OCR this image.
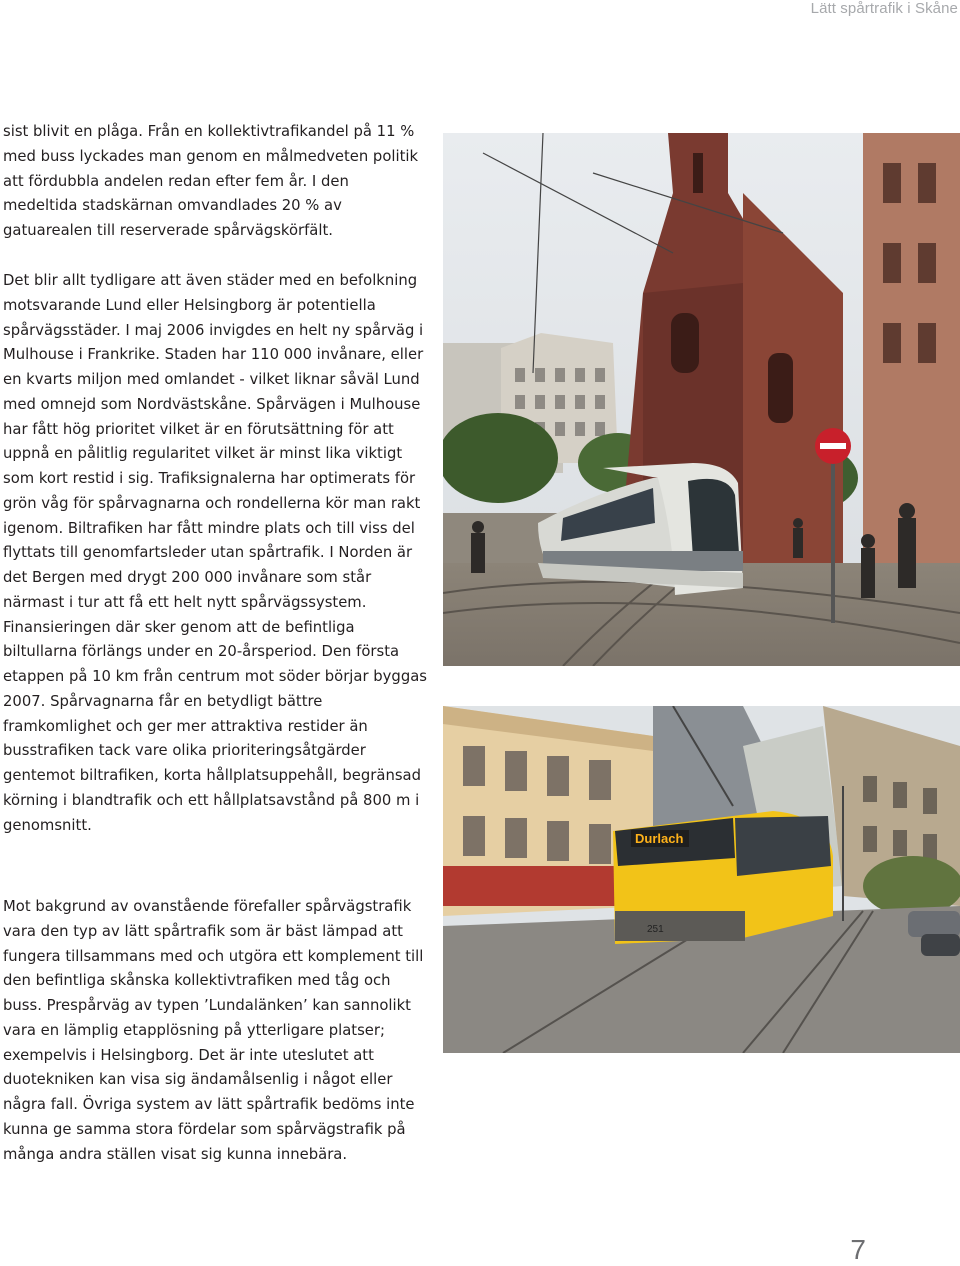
Lätt spårtrafik i Skåne

sist blivit en plåga. Från en kollektivtrafikandel på 11 % med buss lyckades man genom en målmedveten politik att fördubbla andelen redan efter fem år. I den medeltida stadskärnan omvandlades 20 % av gatuarealen till reserverade spårvägskörfält.

Det blir allt tydligare att även städer med en befolkning motsvarande Lund eller Helsingborg är potentiella spårvägsstäder. I maj 2006 invigdes en helt ny spårväg i Mulhouse i Frankrike. Staden har 110 000 invånare, eller en kvarts miljon med omlandet - vilket liknar såväl Lund med omnejd som Nordvästskåne. Spårvägen i Mulhouse har fått hög prioritet vilket är en förutsättning för att uppnå en pålitlig regularitet vilket är minst lika viktigt som kort restid i sig. Trafiksignalerna har optimerats för grön våg för spårvagnarna och rondellerna kör man rakt igenom. Biltrafiken har fått mindre plats och till viss del flyttats till genomfartsleder utan spårtrafik. I Norden är det Bergen med drygt 200 000 invånare som står närmast i tur att få ett helt nytt spårvägssystem. Finansieringen där sker genom att de befintliga biltullarna förlängs under en 20-årsperiod. Den första etappen på 10 km från centrum mot söder börjar byggas 2007. Spårvagnarna får en betydligt bättre framkomlighet och ger mer attraktiva restider än busstrafiken tack vare olika prioriteringsåtgärder gentemot biltrafiken, korta hållplatsuppehåll, begränsad körning i blandtrafik och ett hållplatsavstånd på 800 m i genomsnitt.

Mot bakgrund av ovanstående förefaller spårvägstrafik vara den typ av lätt spårtrafik som är bäst lämpad att fungera tillsammans med och utgöra ett komplement till den befintliga skånska kollektivtrafiken med tåg och buss. Prespårväg av typen ’Lundalänken’ kan sannolikt vara en lämplig etapplösning på ytterligare platser; exempelvis i Helsingborg. Det är inte uteslutet att duotekniken kan visa sig ändamålsenlig i något eller några fall. Övriga system av lätt spårtrafik bedöms inte kunna ge samma stora fördelar som spårvägstrafik på många andra ställen visat sig kunna innebära.

Durlach
251
7
